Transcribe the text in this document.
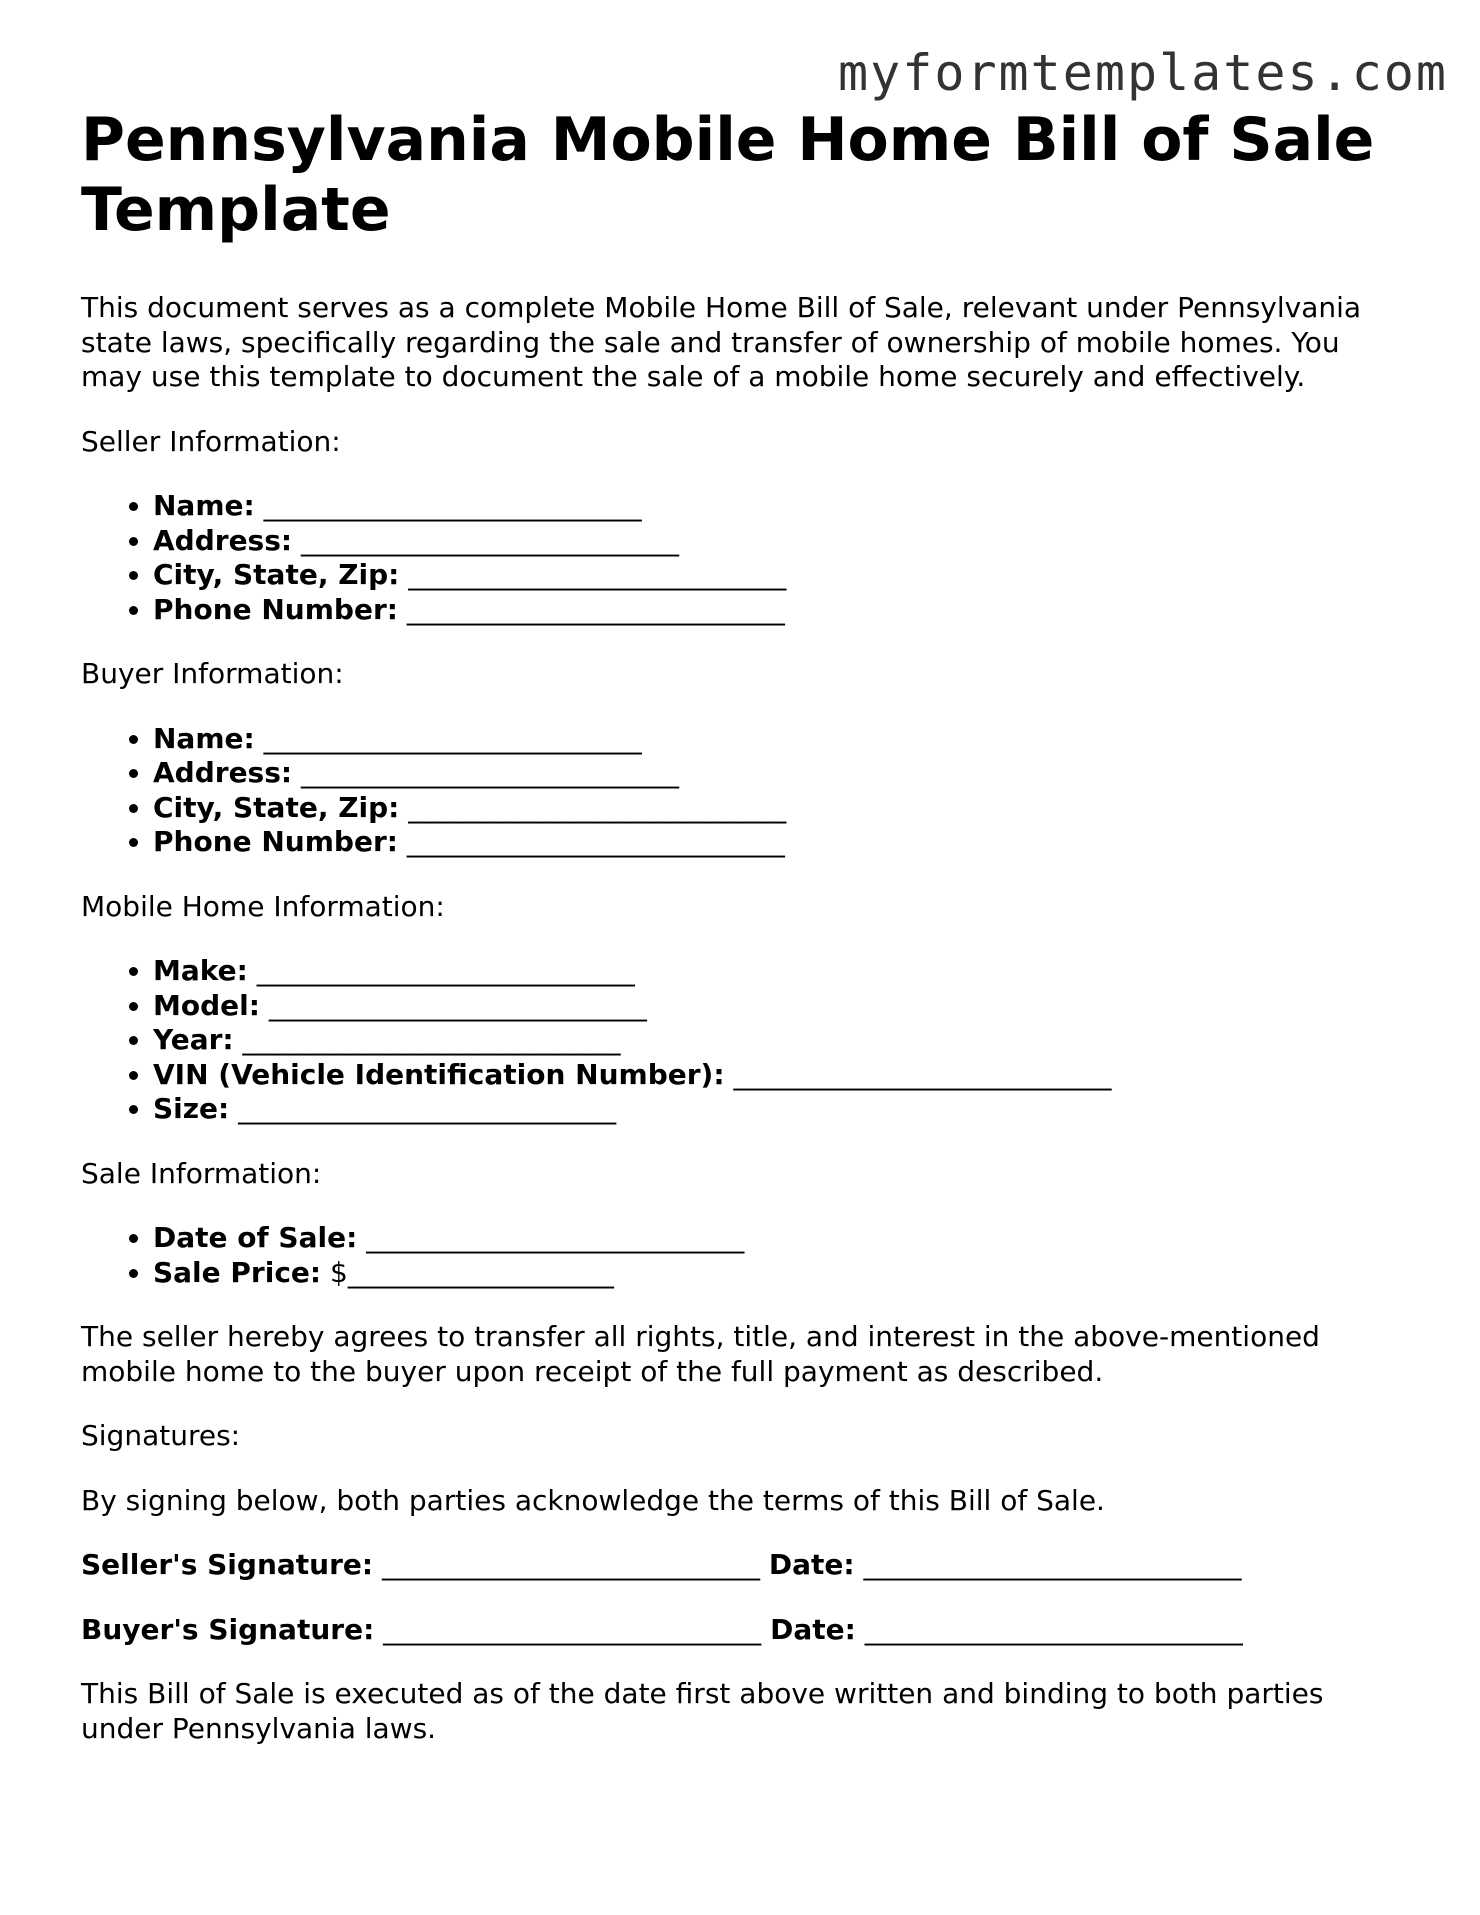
myformtemplates.com
Pennsylvania Mobile Home Bill of Sale Template

This document serves as a complete Mobile Home Bill of Sale, relevant under Pennsylvania state laws, specifically regarding the sale and transfer of ownership of mobile homes. You may use this template to document the sale of a mobile home securely and effectively.

Seller Information:

• Name: ___________________________
• Address: ___________________________
• City, State, Zip: ___________________________
• Phone Number: ___________________________

Buyer Information:

• Name: ___________________________
• Address: ___________________________
• City, State, Zip: ___________________________
• Phone Number: ___________________________

Mobile Home Information:

• Make: ___________________________
• Model: ___________________________
• Year: ___________________________
• VIN (Vehicle Identification Number): ___________________________
• Size: ___________________________

Sale Information:

• Date of Sale: ___________________________
• Sale Price: $___________________

The seller hereby agrees to transfer all rights, title, and interest in the above-mentioned mobile home to the buyer upon receipt of the full payment as described.

Signatures:

By signing below, both parties acknowledge the terms of this Bill of Sale.

Seller's Signature: ___________________________ Date: ___________________________
Buyer's Signature: ___________________________ Date: ___________________________

This Bill of Sale is executed as of the date first above written and binding to both parties under Pennsylvania laws.
